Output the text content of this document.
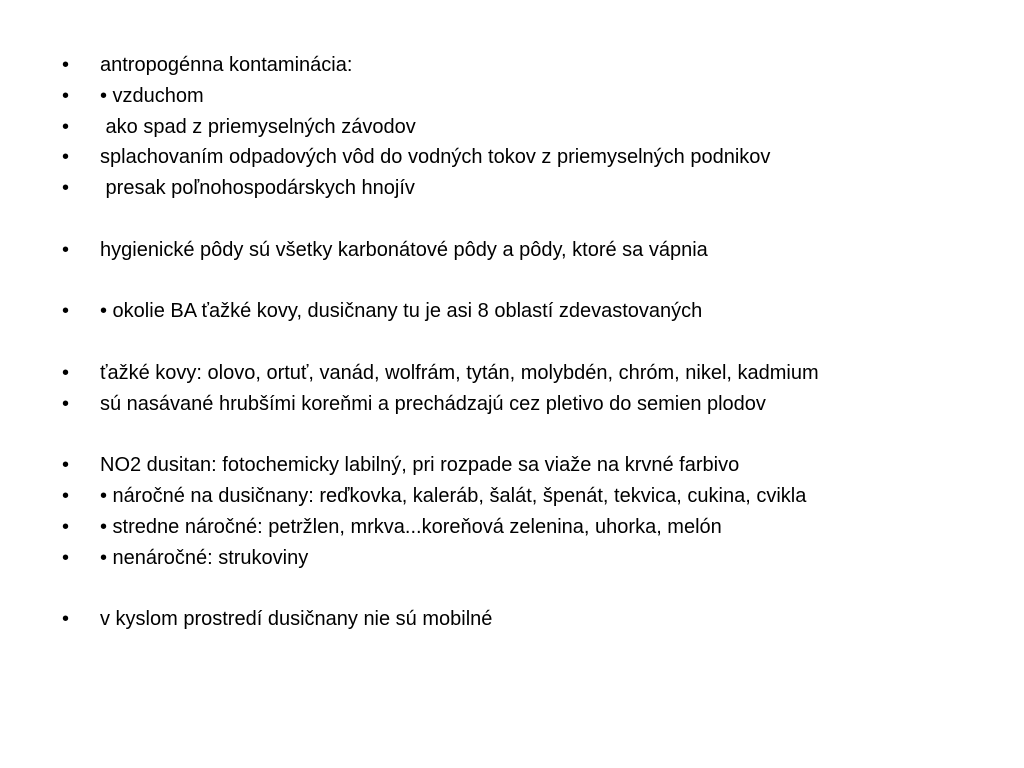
•

	antropogénna kontaminácia:

•

	• vzduchom

•

	ako spad z priemyselných závodov

•

	splachovaním odpadových vôd do vodných tokov z priemyselných podnikov

•

	presak poľnohospodárskych hnojív

•

	hygienické pôdy sú všetky karbonátové pôdy a pôdy, ktoré sa vápnia

•

	• okolie BA ťažké kovy, dusičnany tu je asi 8 oblastí zdevastovaných

•

	ťažké kovy: olovo, ortuť, vanád, wolfrám, tytán, molybdén, chróm, nikel, kadmium

•

	sú nasávané hrubšími koreňmi a prechádzajú cez pletivo do semien plodov

•

	NO2 dusitan: fotochemicky labilný, pri rozpade sa viaže na krvné farbivo

•

	• náročné na dusičnany: reďkovka, kaleráb, šalát, špenát, tekvica, cukina, cvikla

•

	• stredne náročné: petržlen, mrkva...koreňová zelenina, uhorka, melón

•

	• nenáročné: strukoviny

•

	v kyslom prostredí dusičnany nie sú mobilné
